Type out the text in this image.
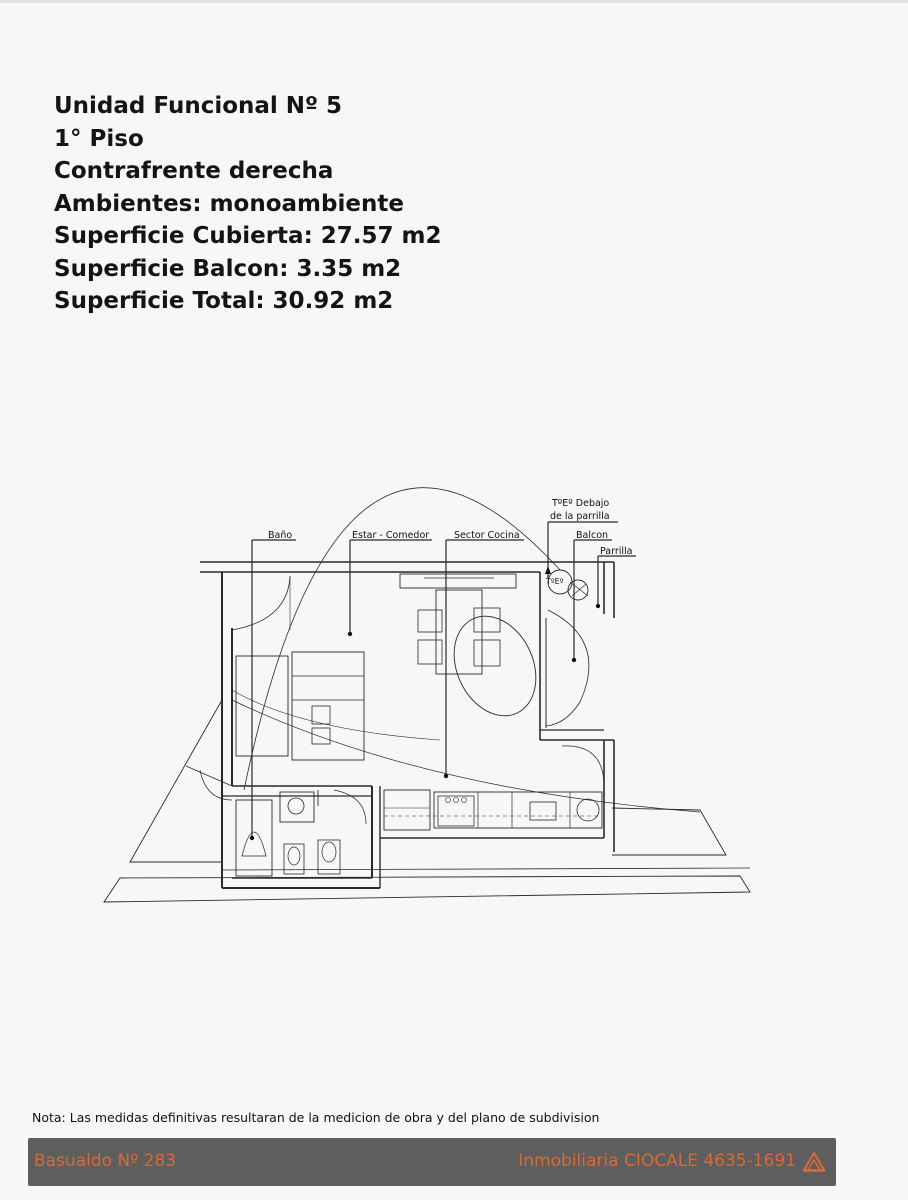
Unidad Funcional Nº 5
1° Piso
Contrafrente derecha
Ambientes: monoambiente
Superficie Cubierta: 27.57 m2
Superficie Balcon: 3.35 m2
Superficie Total: 30.92 m2
Baño	Estar - Comedor	Sector Cocina
TºEº Debajo
de la parrilla
Balcon
Parrilla
TºEº
Nota: Las medidas definitivas resultaran de la medicion de obra y del plano de subdivision
Basualdo Nº 283	Inmobiliaria CIOCALE 4635-1691
